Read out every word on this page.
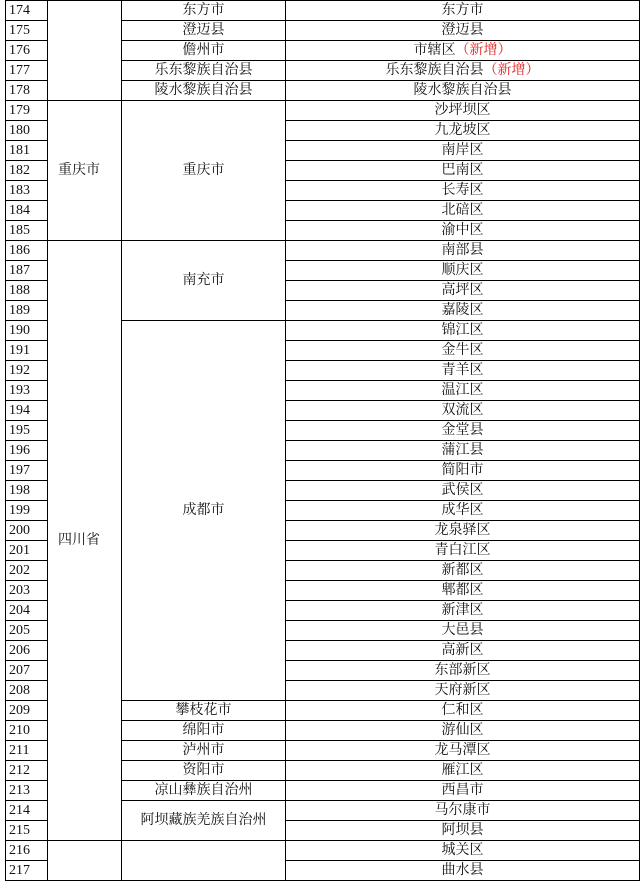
174		东方市	东方市
175		澄迈县	澄迈县
176		儋州市	市辖区（新增）
177		乐东黎族自治县	乐东黎族自治县（新增）
178		陵水黎族自治县	陵水黎族自治县
179	重庆市	重庆市	沙坪坝区
180			九龙坡区
181			南岸区
182			巴南区
183			长寿区
184			北碚区
185			渝中区
186	四川省	南充市	南部县
187			顺庆区
188			高坪区
189			嘉陵区
190		成都市	锦江区
191			金牛区
192			青羊区
193			温江区
194			双流区
195			金堂县
196			蒲江县
197			简阳市
198			武侯区
199			成华区
200			龙泉驿区
201			青白江区
202			新都区
203			郫都区
204			新津区
205			大邑县
206			高新区
207			东部新区
208			天府新区
209		攀枝花市	仁和区
210		绵阳市	游仙区
211		泸州市	龙马潭区
212		资阳市	雁江区
213		凉山彝族自治州	西昌市
214		阿坝藏族羌族自治州	马尔康市
215			阿坝县
216			城关区
217			曲水县
